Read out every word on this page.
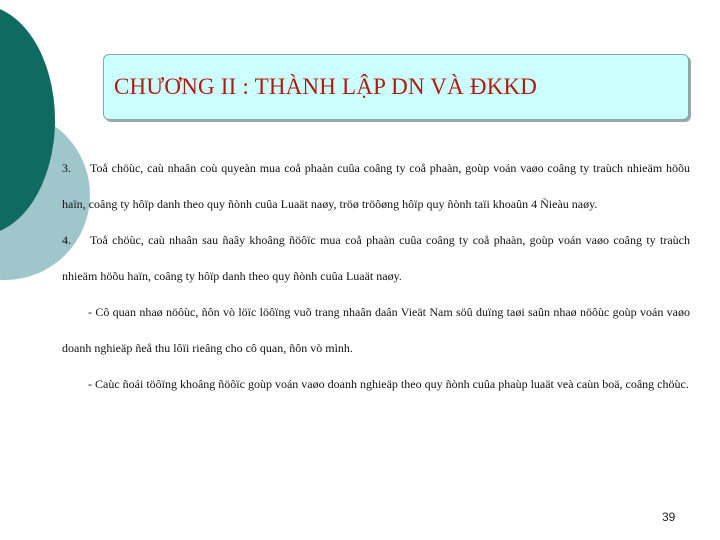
CHƯƠNG II : THÀNH LẬP DN VÀ ĐKKD

3. Toå chöùc, caù nhaân coù quyeàn mua coå phaàn cuûa coâng ty coå phaàn, goùp voán vaøo coâng ty traùch nhieäm höõu haïn, coâng ty hôïp danh theo quy ñònh cuûa Luaät naøy, tröø tröôøng hôïp quy ñònh taïi khoaûn 4 Ñieàu naøy.

4. Toå chöùc, caù nhaân sau ñaây khoâng ñöôïc mua coå phaàn cuûa coâng ty coå phaàn, goùp voán vaøo coâng ty traùch nhieäm höõu haïn, coâng ty hôïp danh theo quy ñònh cuûa Luaät naøy.

- Cô quan nhaø nöôùc, ñôn vò löïc löôïng vuõ trang nhaân daân Vieät Nam söû duïng taøi saûn nhaø nöôùc goùp voán vaøo doanh nghieäp ñeå thu lôïi rieâng cho cô quan, ñôn vò mình.

- Caùc ñoái töôïng khoâng ñöôïc goùp voán vaøo doanh nghieäp theo quy ñònh cuûa phaùp luaät veà caùn boä, coâng chöùc.

39
